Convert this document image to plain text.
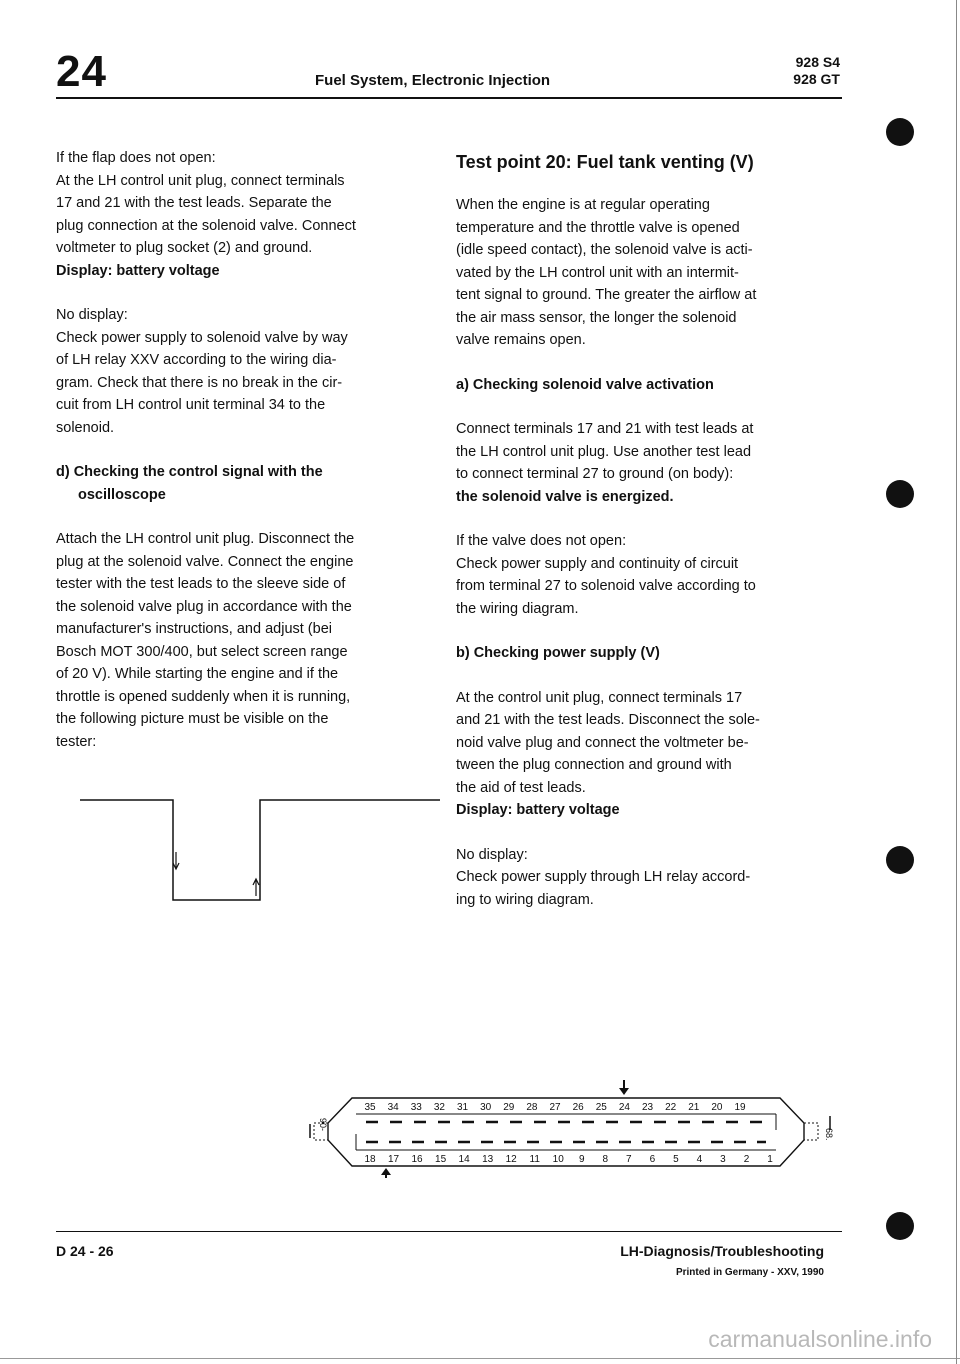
24	Fuel System, Electronic Injection
928 S4
928 GT

If the flap does not open:
At the LH control unit plug, connect terminals
17 and 21 with the test leads. Separate the
plug connection at the solenoid valve. Connect
voltmeter to plug socket (2) and ground.
Display: battery voltage

No display:
Check power supply to solenoid valve by way
of LH relay XXV according to the wiring dia-
gram. Check that there is no break in the cir-
cuit from LH control unit terminal 34 to the
solenoid.

d) Checking the control signal with the
oscilloscope

Attach the LH control unit plug. Disconnect the
plug at the solenoid valve. Connect the engine
tester with the test leads to the sleeve side of
the solenoid valve plug in accordance with the
manufacturer's instructions, and adjust (bei
Bosch MOT 300/400, but select screen range
of 20 V). While starting the engine and if the
throttle is opened suddenly when it is running,
the following picture must be visible on the
tester:

Test point 20: Fuel tank venting (V)

When the engine is at regular operating
temperature and the throttle valve is opened
(idle speed contact), the solenoid valve is acti-
vated by the LH control unit with an intermit-
tent signal to ground. The greater the airflow at
the air mass sensor, the longer the solenoid
valve remains open.

a) Checking solenoid valve activation

Connect terminals 17 and 21 with test leads at
the LH control unit plug. Use another test lead
to connect terminal 27 to ground (on body):
the solenoid valve is energized.

If the valve does not open:
Check power supply and continuity of circuit
from terminal 27 to solenoid valve according to
the wiring diagram.

b) Checking power supply (V)

At the control unit plug, connect terminals 17
and 21 with the test leads. Disconnect the sole-
noid valve plug and connect the voltmeter be-
tween the plug connection and ground with
the aid of test leads.
Display: battery voltage

No display:
Check power supply through LH relay accord-
ing to wiring diagram.

35 34 33 32 31 30 29 28 27 26 25 24 23 22 21 20 19
18 17 16 15 14 13 12 11 10 9 8 7 6 5 4 3 2 1
90-
68.
D 24 - 26	LH-Diagnosis/Troubleshooting
Printed in Germany - XXV, 1990
carmanualsonline.info
